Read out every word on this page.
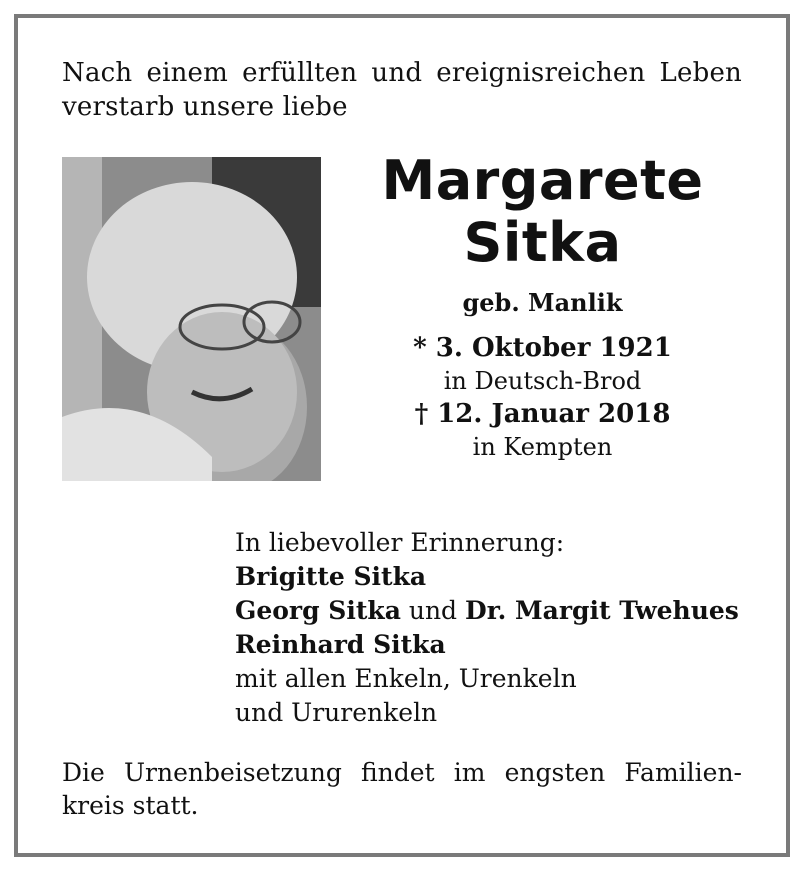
Nach einem erfüllten und ereignisreichen Leben
verstarb unsere liebe
Margarete
Sitka
geb. Manlik
* 3. Oktober 1921
in Deutsch-Brod
† 12. Januar 2018
in Kempten
In liebevoller Erinnerung:
Brigitte Sitka
Georg Sitka und Dr. Margit Twehues
Reinhard Sitka
mit allen Enkeln, Urenkeln
und Ururenkeln
Die Urnenbeisetzung findet im engsten Familien-
kreis statt.
